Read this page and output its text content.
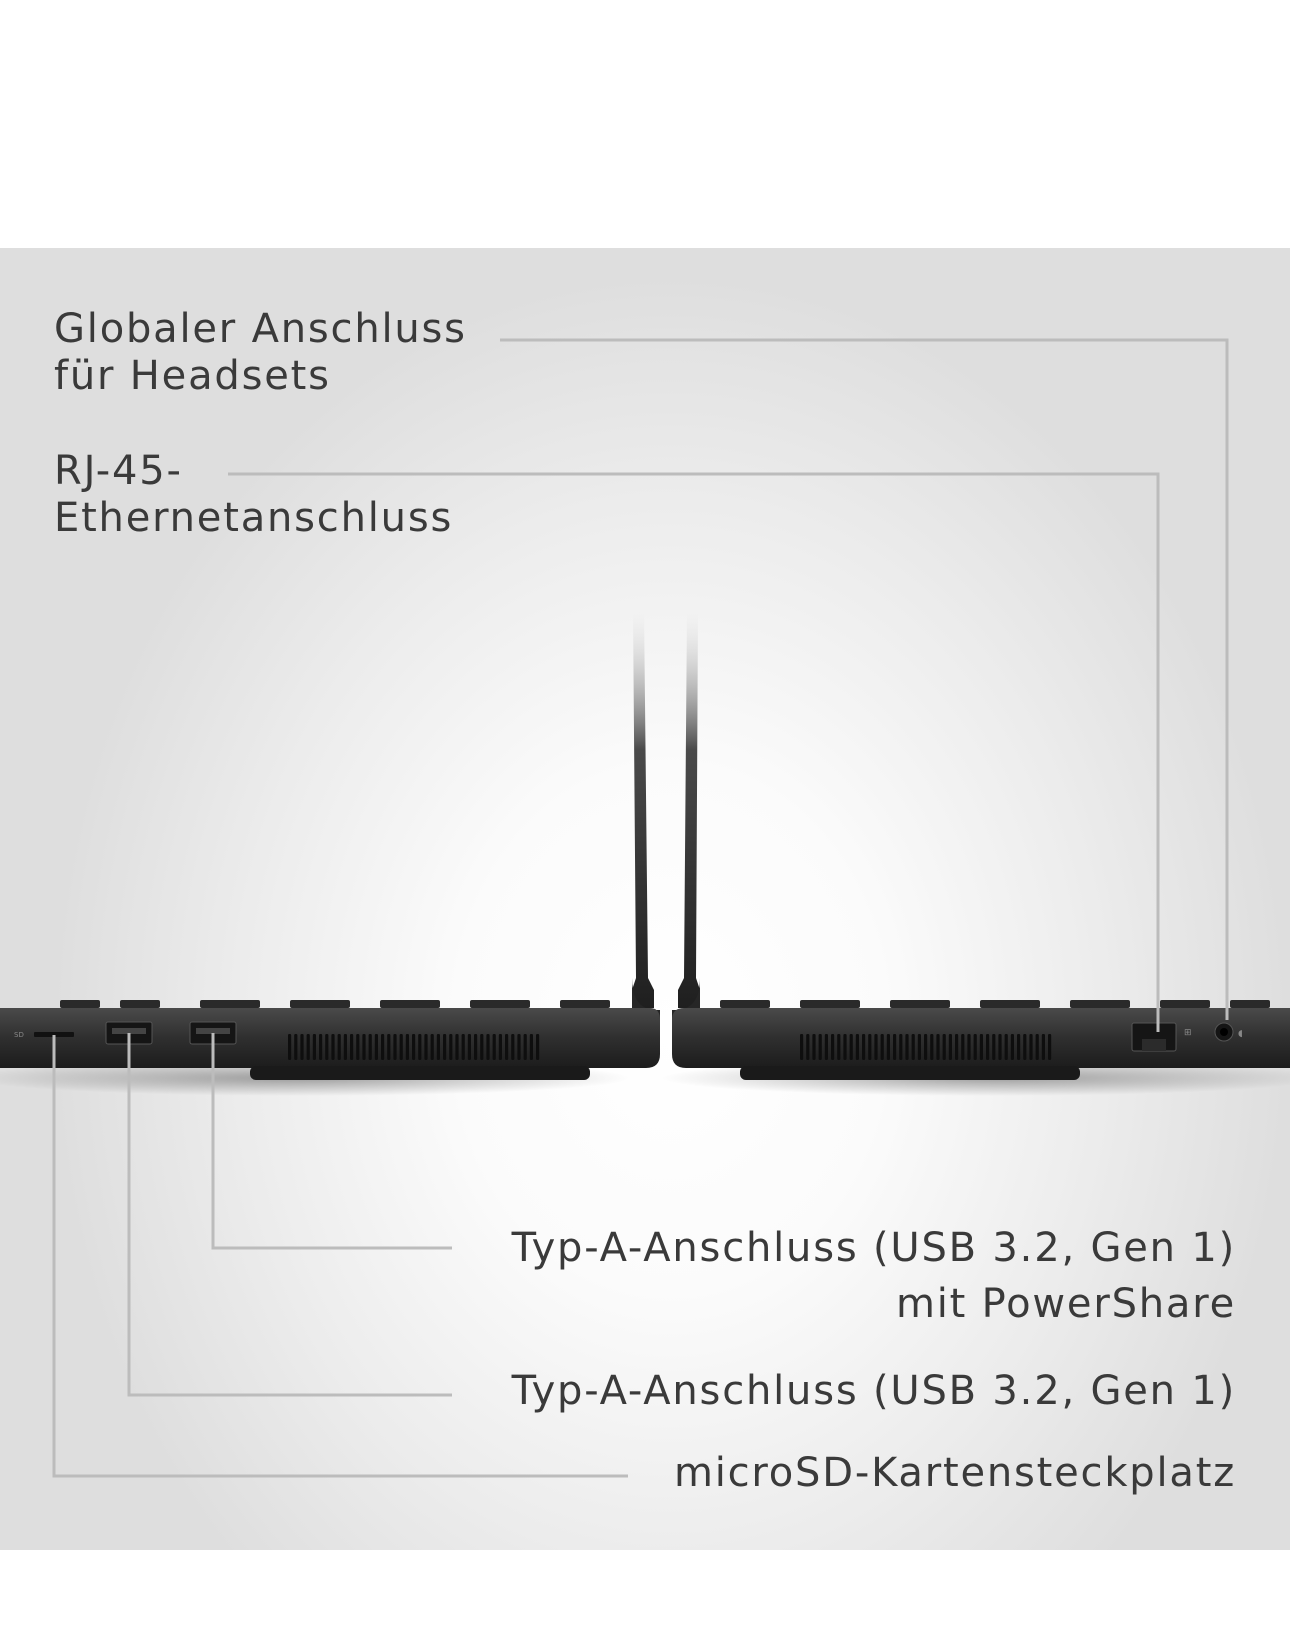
SD	⊞	◖
Globaler Anschluss
für Headsets
RJ-45-
Ethernetanschluss
Typ-A-Anschluss (USB 3.2, Gen 1)
mit PowerShare
Typ-A-Anschluss (USB 3.2, Gen 1)
microSD-Kartensteckplatz
